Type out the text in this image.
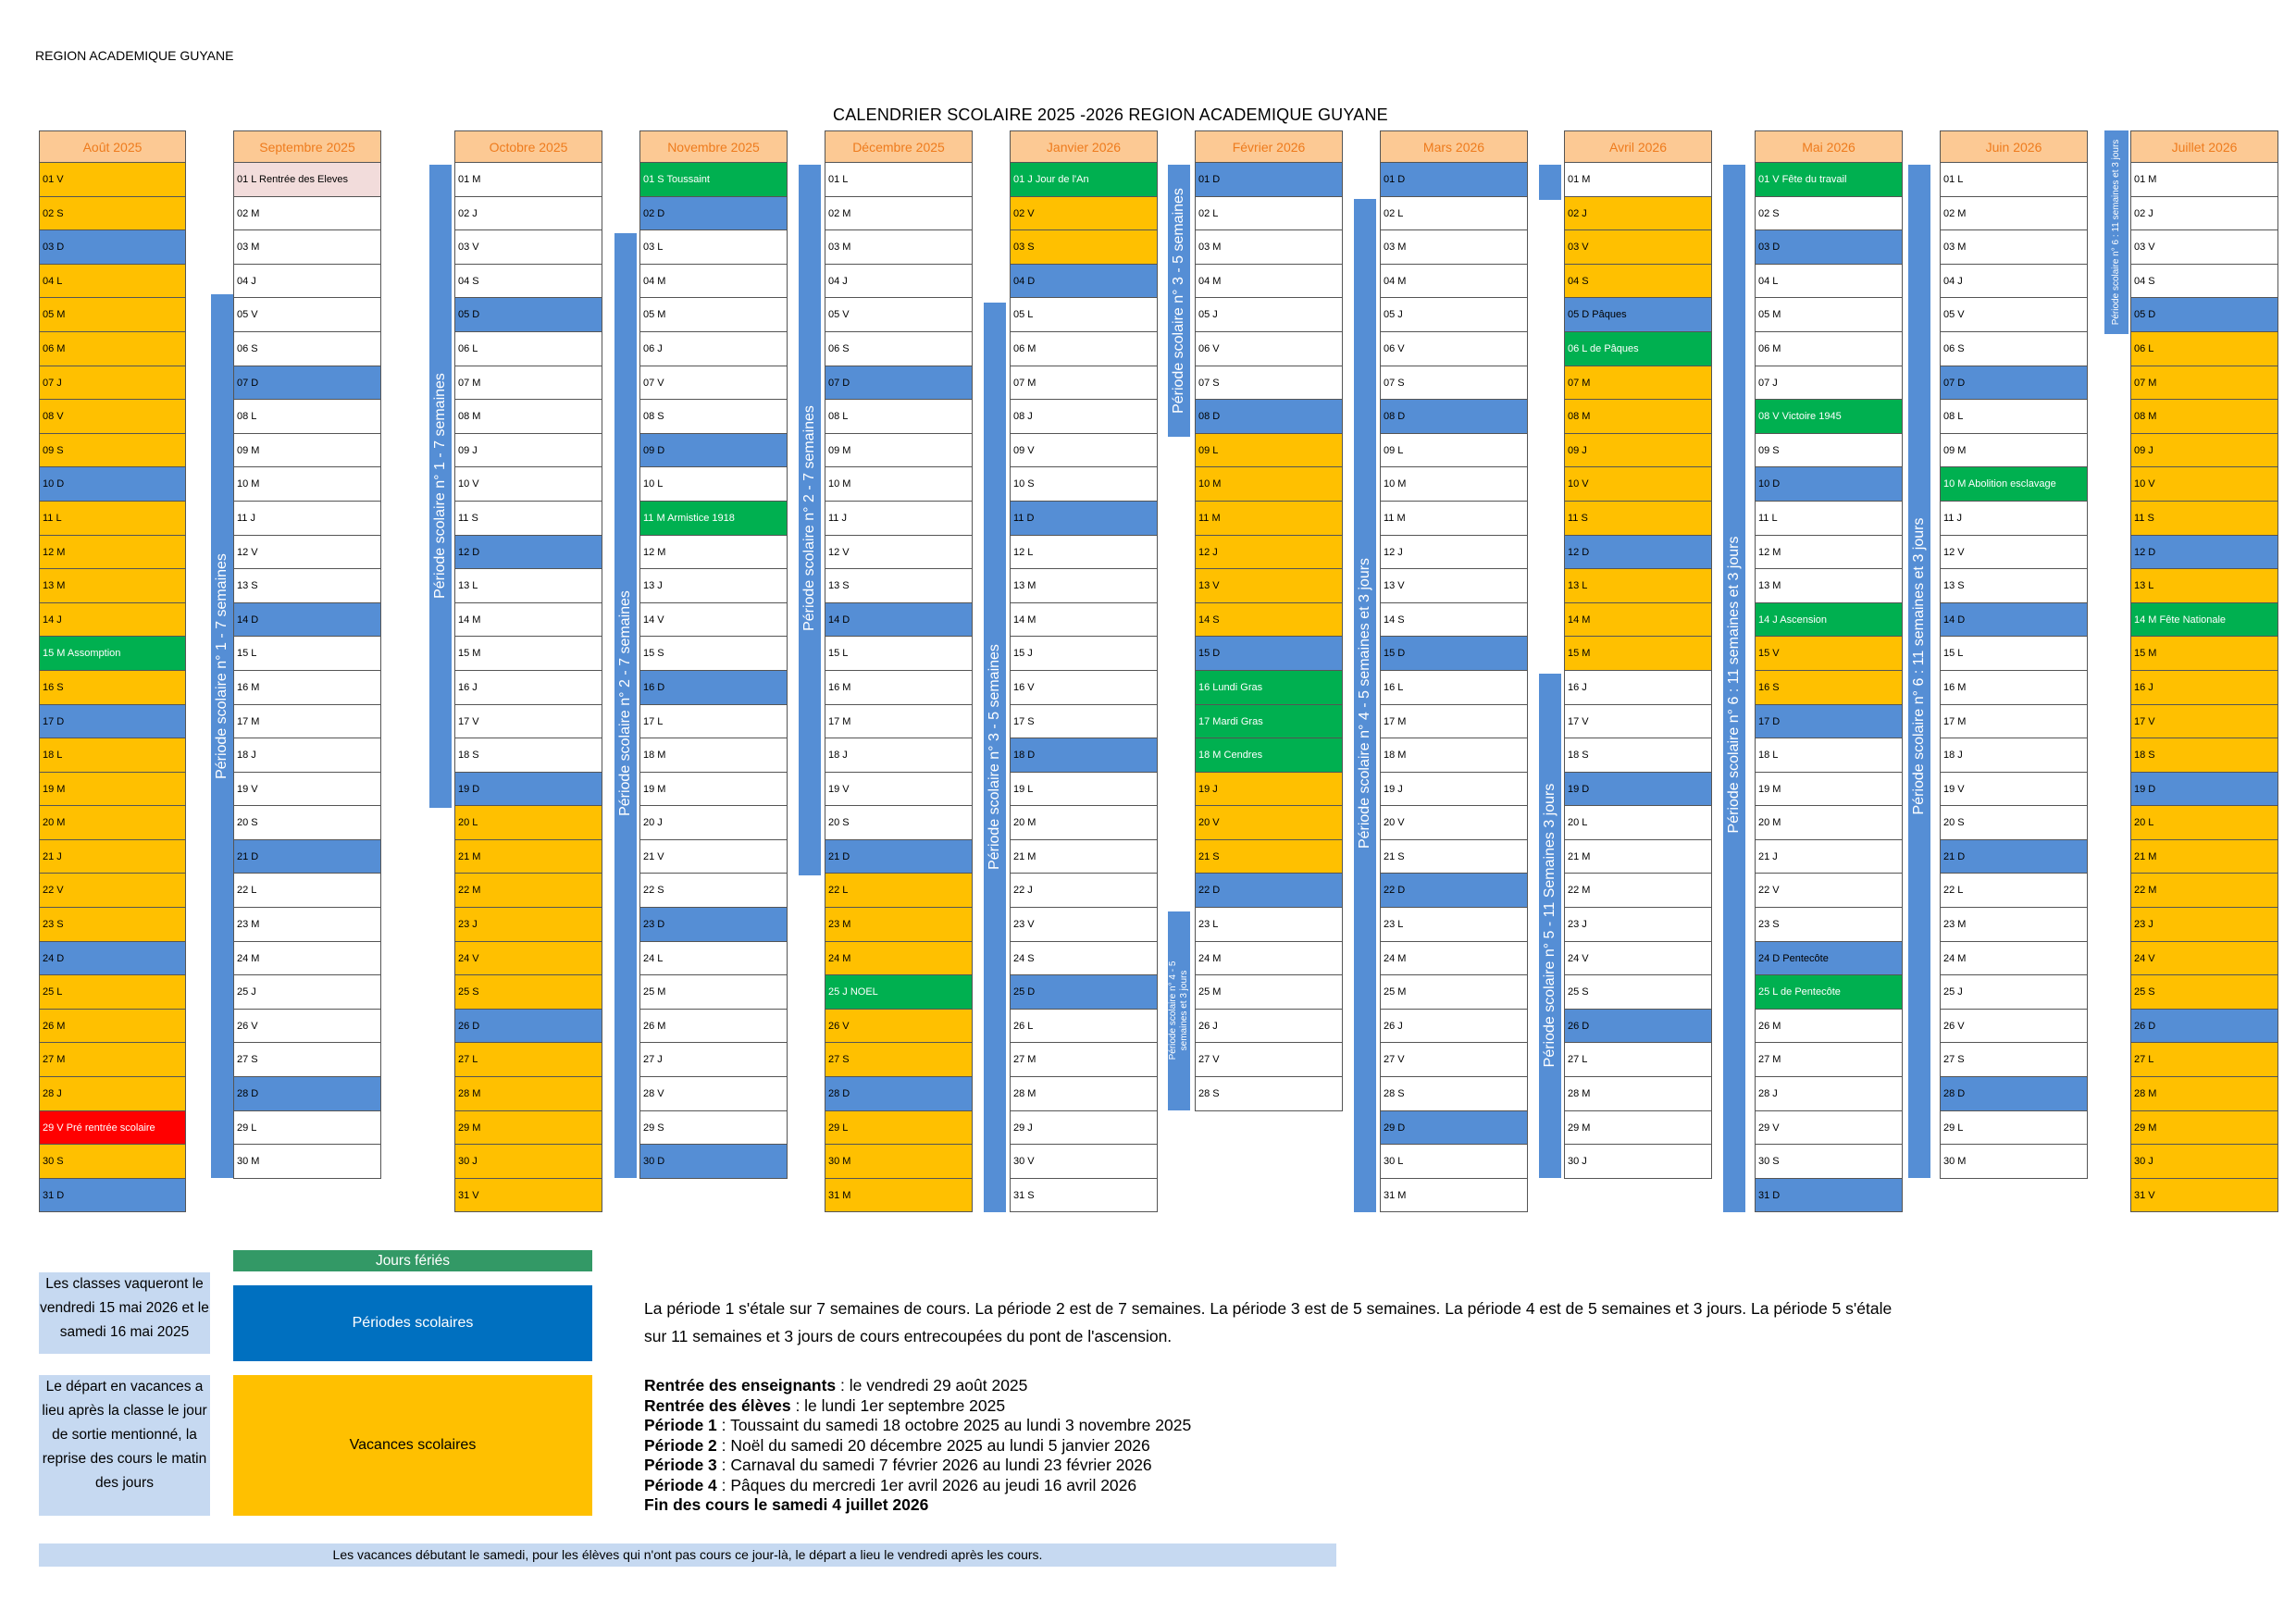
REGION ACADEMIQUE GUYANE
CALENDRIER SCOLAIRE 2025 -2026 REGION ACADEMIQUE GUYANE
Août 2025
01 V
02 S
03 D
04 L
05 M
06 M
07 J
08 V
09 S
10 D
11 L
12 M
13 M
14 J
15 M Assomption
16 S
17 D
18 L
19 M
20 M
21 J
22 V
23 S
24 D
25 L
26 M
27 M
28 J
29 V Pré rentrée scolaire
30 S
31 D
Septembre 2025
01 L Rentrée des Eleves
02 M
03 M
04 J
05 V
06 S
07 D
08 L
09 M
10 M
11 J
12 V
13 S
14 D
15 L
16 M
17 M
18 J
19 V
20 S
21 D
22 L
23 M
24 M
25 J
26 V
27 S
28 D
29 L
30 M
Octobre 2025
01 M
02 J
03 V
04 S
05 D
06 L
07 M
08 M
09 J
10 V
11 S
12 D
13 L
14 M
15 M
16 J
17 V
18 S
19 D
20 L
21 M
22 M
23 J
24 V
25 S
26 D
27 L
28 M
29 M
30 J
31 V
Novembre 2025
01 S Toussaint
02 D
03 L
04 M
05 M
06 J
07 V
08 S
09 D
10 L
11 M Armistice 1918
12 M
13 J
14 V
15 S
16 D
17 L
18 M
19 M
20 J
21 V
22 S
23 D
24 L
25 M
26 M
27 J
28 V
29 S
30 D
Décembre 2025
01 L
02 M
03 M
04 J
05 V
06 S
07 D
08 L
09 M
10 M
11 J
12 V
13 S
14 D
15 L
16 M
17 M
18 J
19 V
20 S
21 D
22 L
23 M
24 M
25 J NOEL
26 V
27 S
28 D
29 L
30 M
31 M
Janvier 2026
01 J Jour de l'An
02 V
03 S
04 D
05 L
06 M
07 M
08 J
09 V
10 S
11 D
12 L
13 M
14 M
15 J
16 V
17 S
18 D
19 L
20 M
21 M
22 J
23 V
24 S
25 D
26 L
27 M
28 M
29 J
30 V
31 S
Février 2026
01 D
02 L
03 M
04 M
05 J
06 V
07 S
08 D
09 L
10 M
11 M
12 J
13 V
14 S
15 D
16 Lundi Gras
17 Mardi Gras
18 M Cendres
19 J
20 V
21 S
22 D
23 L
24 M
25 M
26 J
27 V
28 S
Mars 2026
01 D
02 L
03 M
04 M
05 J
06 V
07 S
08 D
09 L
10 M
11 M
12 J
13 V
14 S
15 D
16 L
17 M
18 M
19 J
20 V
21 S
22 D
23 L
24 M
25 M
26 J
27 V
28 S
29 D
30 L
31 M
Avril 2026
01 M
02 J
03 V
04 S
05 D Pâques
06 L de Pâques
07 M
08 M
09 J
10 V
11 S
12 D
13 L
14 M
15 M
16 J
17 V
18 S
19 D
20 L
21 M
22 M
23 J
24 V
25 S
26 D
27 L
28 M
29 M
30 J
Mai 2026
01 V Fête du travail
02 S
03 D
04 L
05 M
06 M
07 J
08 V Victoire 1945
09 S
10 D
11 L
12 M
13 M
14 J Ascension
15 V
16 S
17 D
18 L
19 M
20 M
21 J
22 V
23 S
24 D Pentecôte
25 L de Pentecôte
26 M
27 M
28 J
29 V
30 S
31 D
Juin 2026
01 L
02 M
03 M
04 J
05 V
06 S
07 D
08 L
09 M
10 M Abolition esclavage
11 J
12 V
13 S
14 D
15 L
16 M
17 M
18 J
19 V
20 S
21 D
22 L
23 M
24 M
25 J
26 V
27 S
28 D
29 L
30 M
Juillet 2026
01 M
02 J
03 V
04 S
05 D
06 L
07 M
08 M
09 J
10 V
11 S
12 D
13 L
14 M Fête Nationale
15 M
16 J
17 V
18 S
19 D
20 L
21 M
22 M
23 J
24 V
25 S
26 D
27 L
28 M
29 M
30 J
31 V
Période scolaire n° 1 - 7 semaines
Période scolaire n° 1 - 7 semaines
Période scolaire n° 2 - 7 semaines
Période scolaire n° 2 - 7 semaines
Période scolaire n° 3 - 5 semaines
Période scolaire n° 3 - 5 semaines
Période scolaire n° 4 - 5 semaines et 3 jours
Période scolaire n° 4 - 5 semaines et 3 jours
Période scolaire n° 5 - 11 Semaines 3 jours
Période scolaire n° 6 : 11 semaines et 3 jours	Période scolaire n° 6 : 11 semaines et 3 jours
Période scolaire n° 6 : 11 semaines et 3 jours
Jours fériés
Périodes scolaires
Vacances scolaires
Les classes vaqueront le vendredi 15 mai 2026 et le samedi 16 mai 2025
Le départ en vacances a lieu après la classe le jour de sortie mentionné, la reprise des cours le matin des jours
La période 1 s'étale sur 7 semaines de cours. La période 2 est de 7 semaines. La période 3 est de 5 semaines. La période 4 est de 5 semaines et 3 jours. La période 5 s'étale
sur 11 semaines et 3 jours de cours entrecoupées du pont de l'ascension.
Rentrée des enseignants : le vendredi 29 août 2025
Rentrée des élèves : le lundi 1er septembre 2025
Période 1 : Toussaint du samedi 18 octobre 2025 au lundi 3 novembre 2025
Période 2 : Noël du samedi 20 décembre 2025 au lundi 5 janvier 2026
Période 3 : Carnaval du samedi 7 février 2026 au lundi 23 février 2026
Période 4 : Pâques du mercredi 1er avril 2026 au jeudi 16 avril 2026
Fin des cours le samedi 4 juillet 2026
Les vacances débutant le samedi, pour les élèves qui n'ont pas cours ce jour-là, le départ a lieu le vendredi après les cours.
